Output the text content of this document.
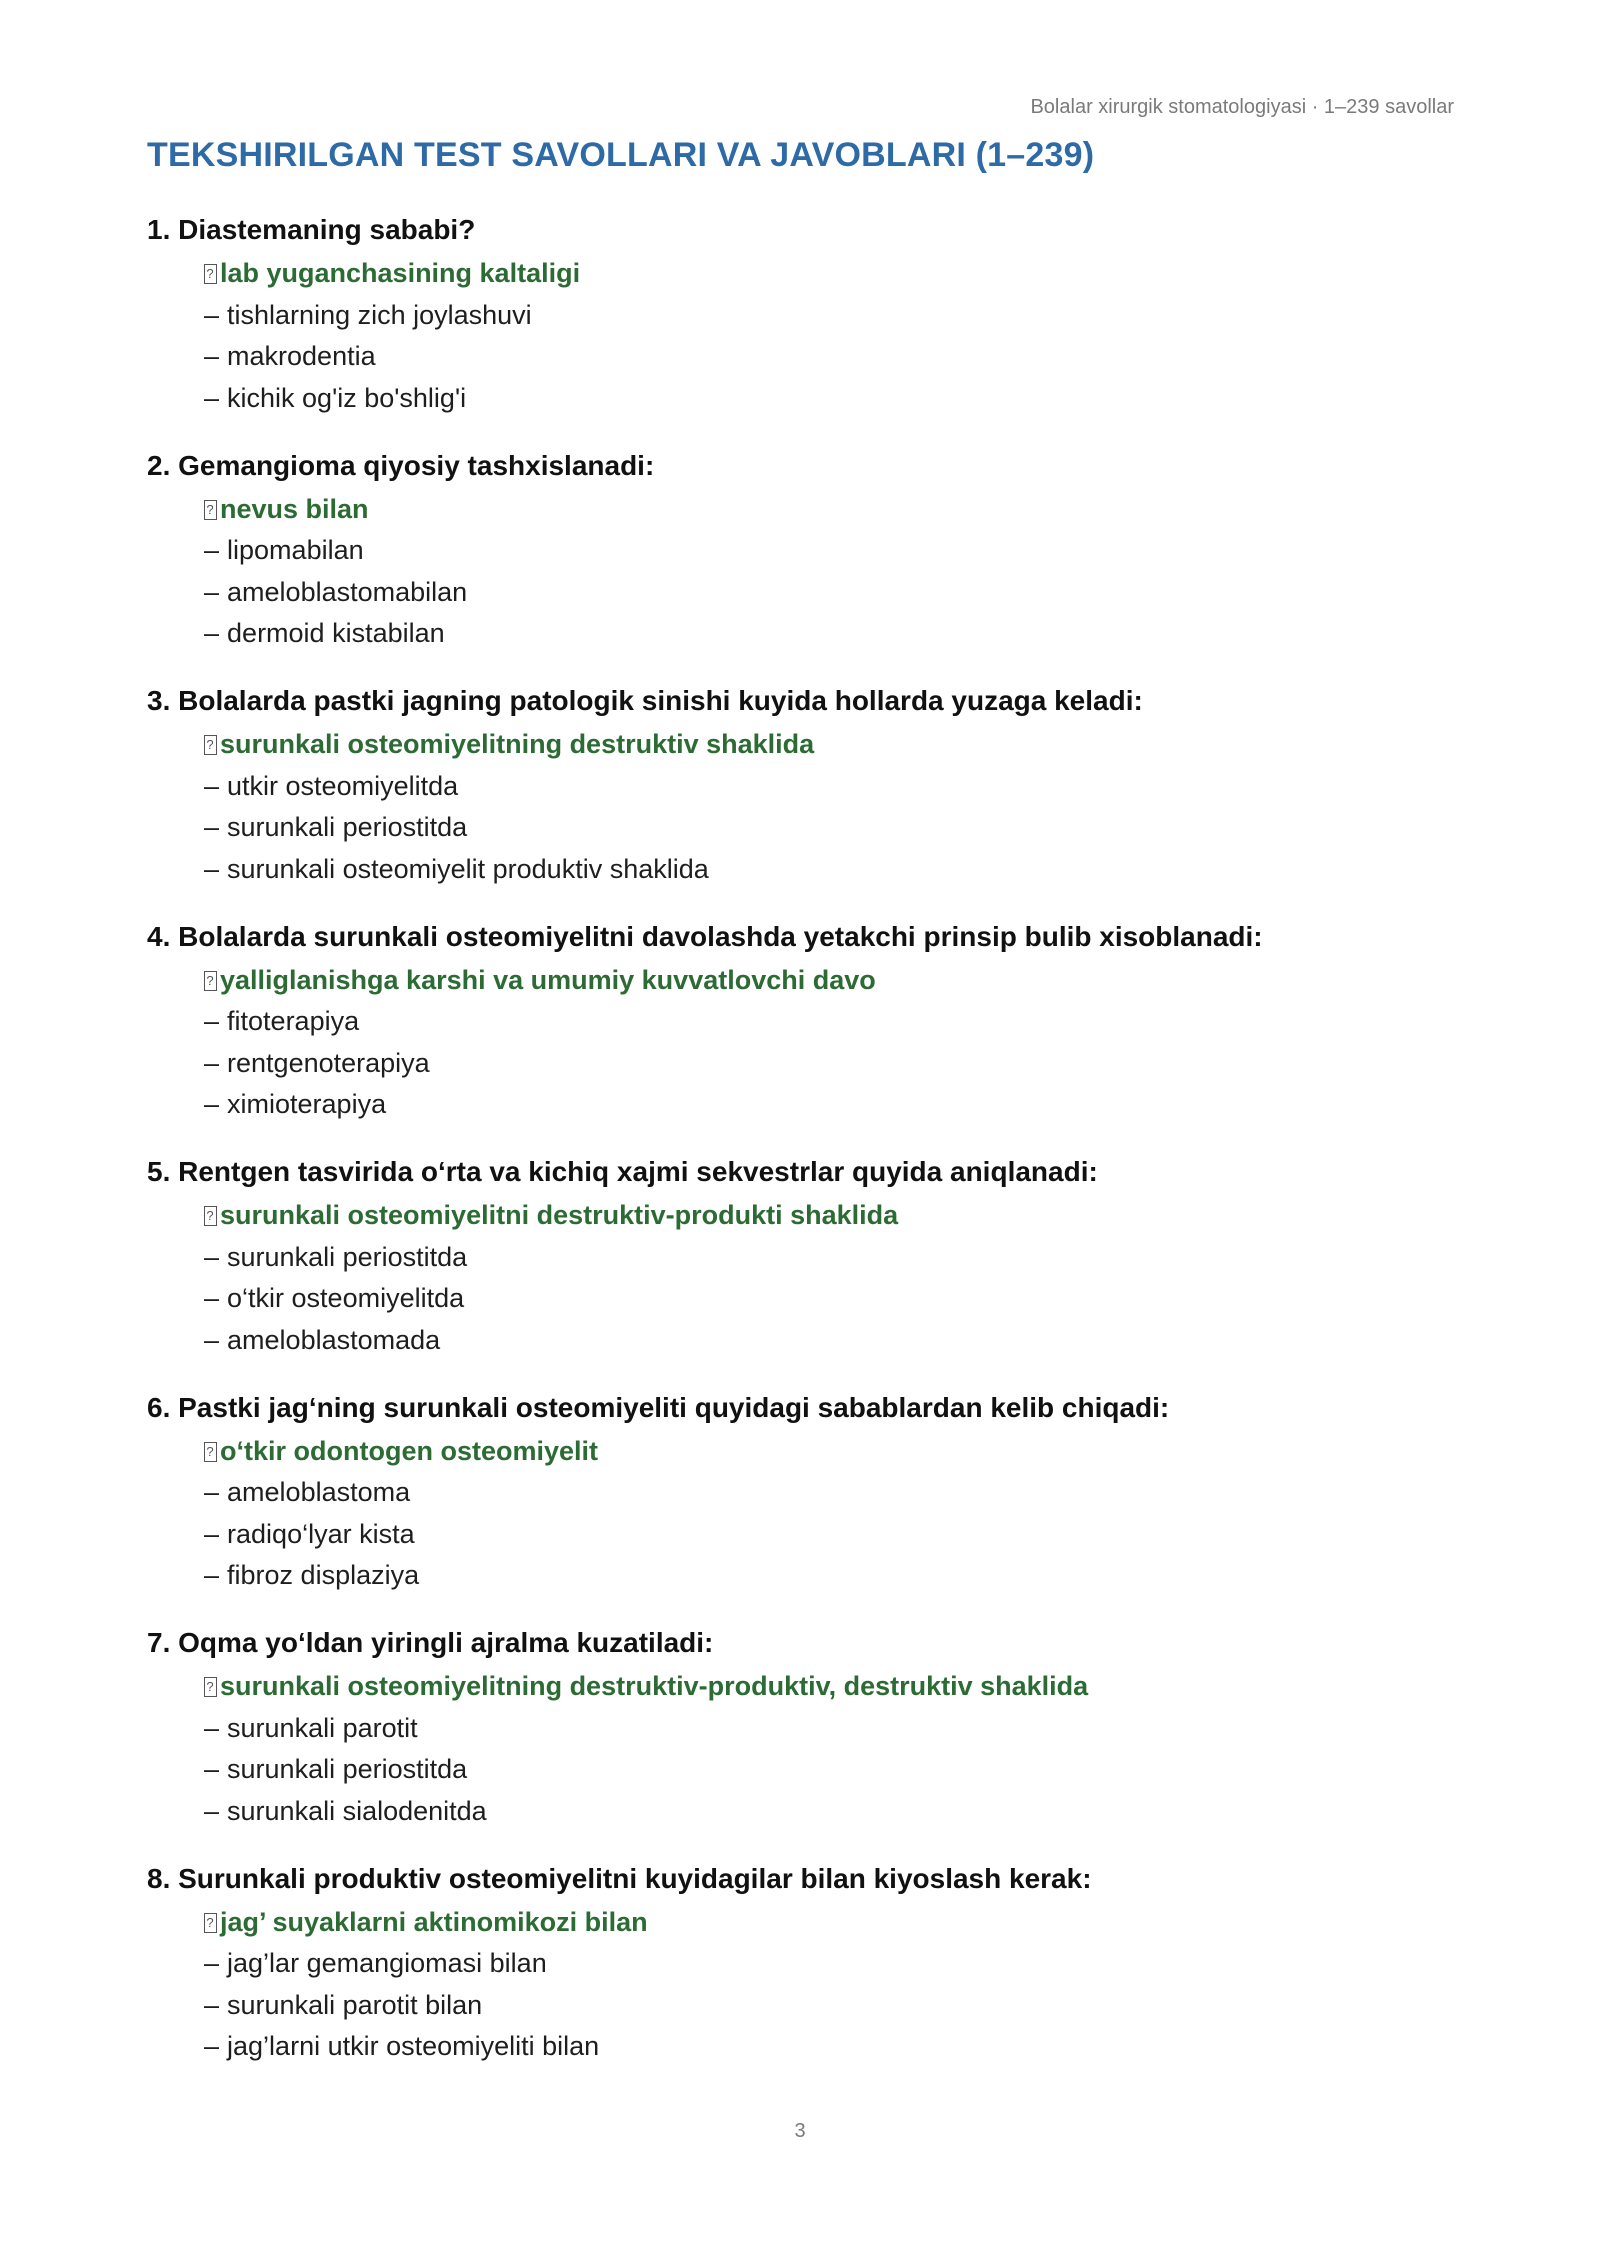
Bolalar xirurgik stomatologiyasi · 1–239 savollar
TEKSHIRILGAN TEST SAVOLLARI VA JAVOBLARI (1–239)
1. Diastemaning sababi?
?lab yuganchasining kaltaligi
– tishlarning zich joylashuvi
– makrodentia
– kichik og'iz bo'shlig'i
2. Gemangioma qiyosiy tashxislanadi:
?nevus bilan
– lipomabilan
– ameloblastomabilan
– dermoid kistabilan
3. Bolalarda pastki jagning patologik sinishi kuyida hollarda yuzaga keladi:
?surunkali osteomiyelitning destruktiv shaklida
– utkir osteomiyelitda
– surunkali periostitda
– surunkali osteomiyelit produktiv shaklida
4. Bolalarda surunkali osteomiyelitni davolashda yetakchi prinsip bulib xisoblanadi:
?yalliglanishga karshi va umumiy kuvvatlovchi davo
– fitoterapiya
– rentgenoterapiya
– ximioterapiya
5. Rentgen tasvirida o‘rta va kichiq xajmi sekvestrlar quyida aniqlanadi:
?surunkali osteomiyelitni destruktiv-produkti shaklida
– surunkali periostitda
– o‘tkir osteomiyelitda
– ameloblastomada
6. Pastki jag‘ning surunkali osteomiyeliti quyidagi sabablardan kelib chiqadi:
?o‘tkir odontogen osteomiyelit
– ameloblastoma
– radiqo‘lyar kista
– fibroz displaziya
7. Oqma yo‘ldan yiringli ajralma kuzatiladi:
?surunkali osteomiyelitning destruktiv-produktiv, destruktiv shaklida
– surunkali parotit
– surunkali periostitda
– surunkali sialodenitda
8. Surunkali produktiv osteomiyelitni kuyidagilar bilan kiyoslash kerak:
?jag’ suyaklarni aktinomikozi bilan
– jag’lar gemangiomasi bilan
– surunkali parotit bilan
– jag’larni utkir osteomiyeliti bilan
3
